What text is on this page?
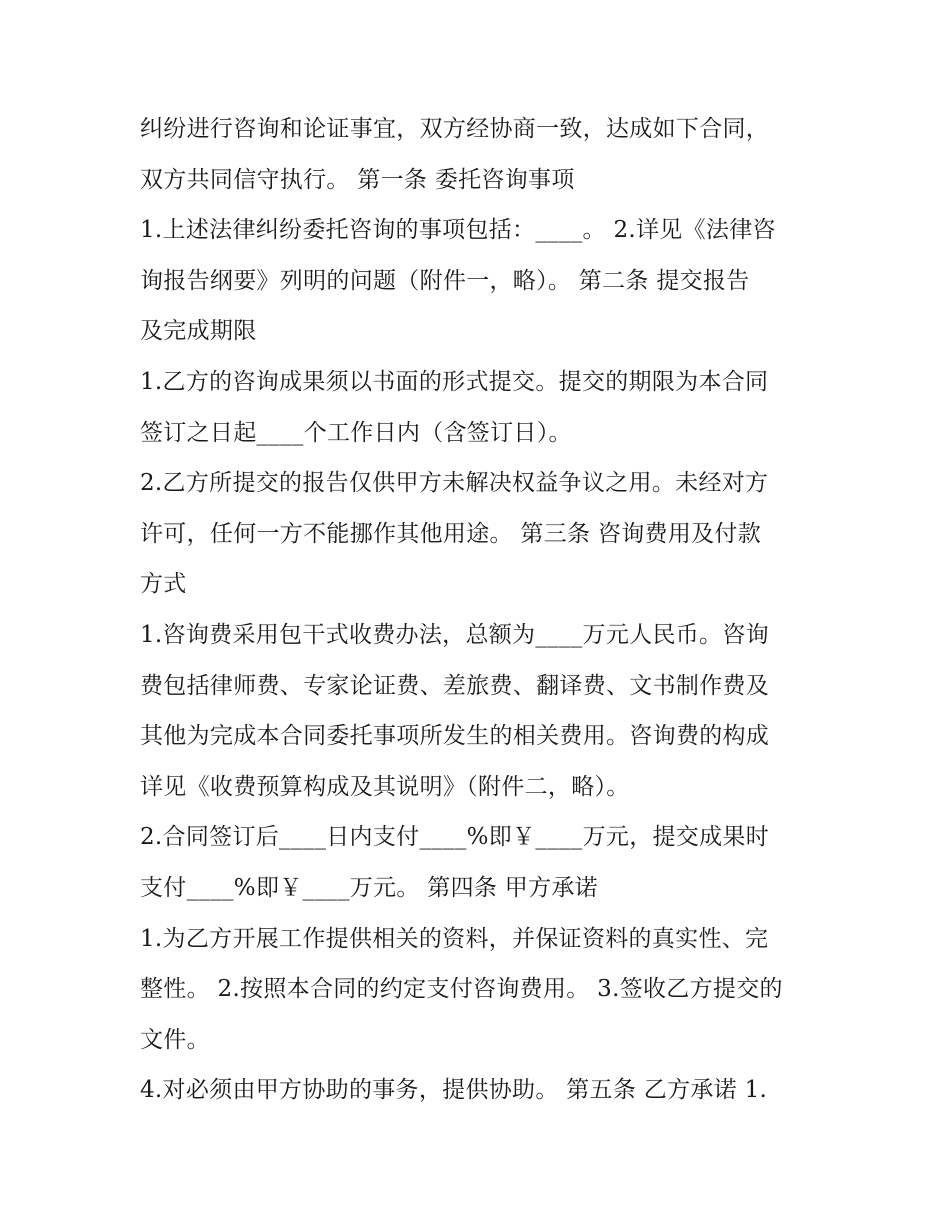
纠纷进行咨询和论证事宜，双方经协商一致，达成如下合同，
双方共同信守执行。 第一条 委托咨询事项
1.上述法律纠纷委托咨询的事项包括：____。 2.详见《法律咨
询报告纲要》列明的问题（附件一，略）。 第二条 提交报告
及完成期限
1.乙方的咨询成果须以书面的形式提交。提交的期限为本合同
签订之日起____个工作日内（含签订日）。
2.乙方所提交的报告仅供甲方未解决权益争议之用。未经对方
许可，任何一方不能挪作其他用途。 第三条 咨询费用及付款
方式
1.咨询费采用包干式收费办法，总额为____万元人民币。咨询
费包括律师费、专家论证费、差旅费、翻译费、文书制作费及
其他为完成本合同委托事项所发生的相关费用。咨询费的构成
详见《收费预算构成及其说明》（附件二，略）。
2.合同签订后____日内支付____%即￥____万元，提交成果时
支付____%即￥____万元。 第四条 甲方承诺
1.为乙方开展工作提供相关的资料，并保证资料的真实性、完
整性。 2.按照本合同的约定支付咨询费用。 3.签收乙方提交的
文件。
4.对必须由甲方协助的事务，提供协助。 第五条 乙方承诺 1.
